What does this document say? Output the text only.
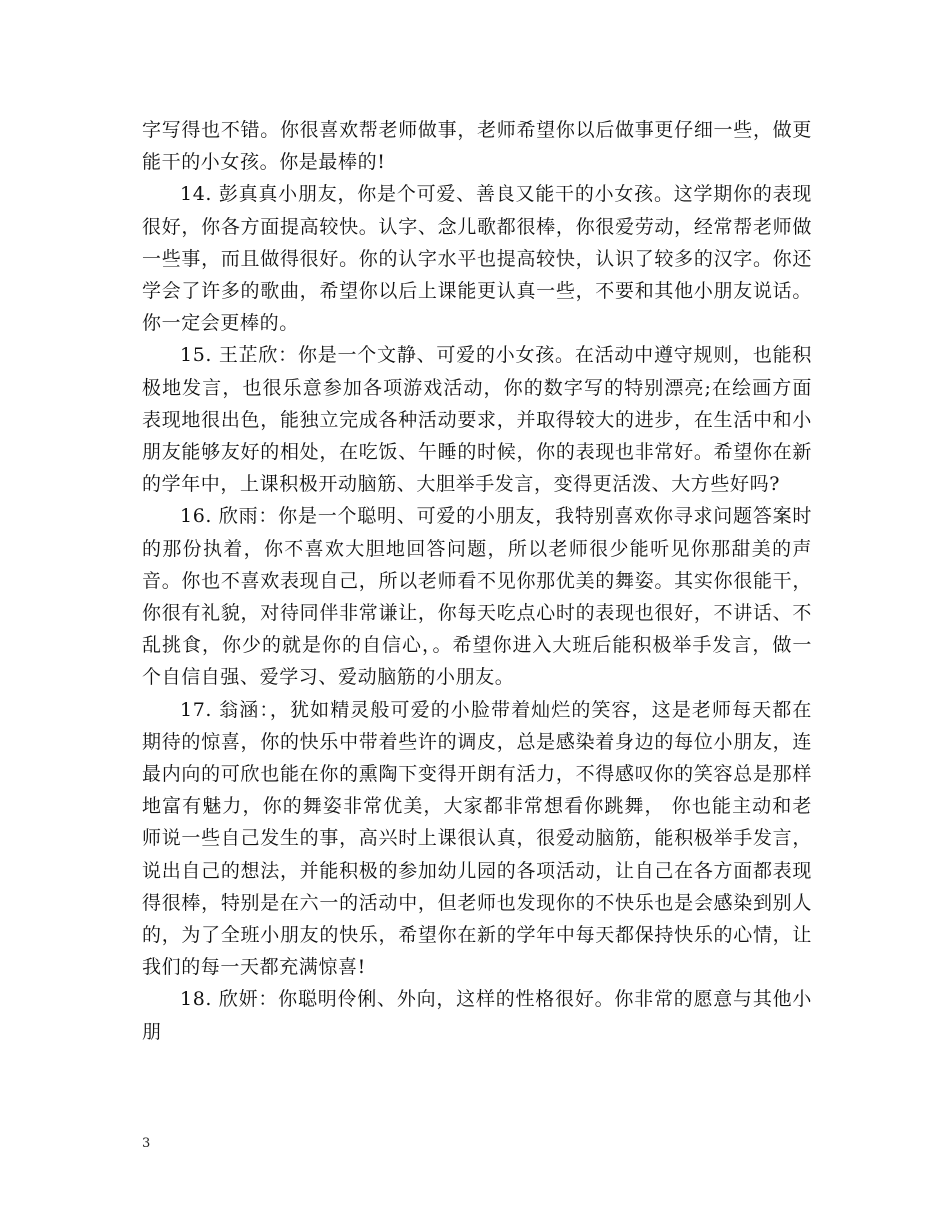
字写得也不错。你很喜欢帮老师做事，老师希望你以后做事更仔细一些，做更能干的小女孩。你是最棒的!

14. 彭真真小朋友，你是个可爱、善良又能干的小女孩。这学期你的表现很好，你各方面提高较快。认字、念儿歌都很棒，你很爱劳动，经常帮老师做一些事，而且做得很好。你的认字水平也提高较快，认识了较多的汉字。你还学会了许多的歌曲，希望你以后上课能更认真一些，不要和其他小朋友说话。你一定会更棒的。

15. 王芷欣：你是一个文静、可爱的小女孩。在活动中遵守规则，也能积极地发言，也很乐意参加各项游戏活动，你的数字写的特别漂亮;在绘画方面表现地很出色，能独立完成各种活动要求，并取得较大的进步，在生活中和小朋友能够友好的相处，在吃饭、午睡的时候，你的表现也非常好。希望你在新的学年中，上课积极开动脑筋、大胆举手发言，变得更活泼、大方些好吗?

16. 欣雨：你是一个聪明、可爱的小朋友，我特别喜欢你寻求问题答案时的那份执着，你不喜欢大胆地回答问题，所以老师很少能听见你那甜美的声音。你也不喜欢表现自己，所以老师看不见你那优美的舞姿。其实你很能干，你很有礼貌，对待同伴非常谦让，你每天吃点心时的表现也很好，不讲话、不乱挑食，你少的就是你的自信心，。希望你进入大班后能积极举手发言，做一个自信自强、爱学习、爱动脑筋的小朋友。

17. 翁涵：，犹如精灵般可爱的小脸带着灿烂的笑容，这是老师每天都在期待的惊喜，你的快乐中带着些许的调皮，总是感染着身边的每位小朋友，连最内向的可欣也能在你的熏陶下变得开朗有活力，不得感叹你的笑容总是那样地富有魅力，你的舞姿非常优美，大家都非常想看你跳舞， 你也能主动和老师说一些自己发生的事，高兴时上课很认真，很爱动脑筋，能积极举手发言，说出自己的想法，并能积极的参加幼儿园的各项活动，让自己在各方面都表现得很棒，特别是在六一的活动中，但老师也发现你的不快乐也是会感染到别人的，为了全班小朋友的快乐，希望你在新的学年中每天都保持快乐的心情，让我们的每一天都充满惊喜!

18. 欣妍：你聪明伶俐、外向，这样的性格很好。你非常的愿意与其他小朋

3
